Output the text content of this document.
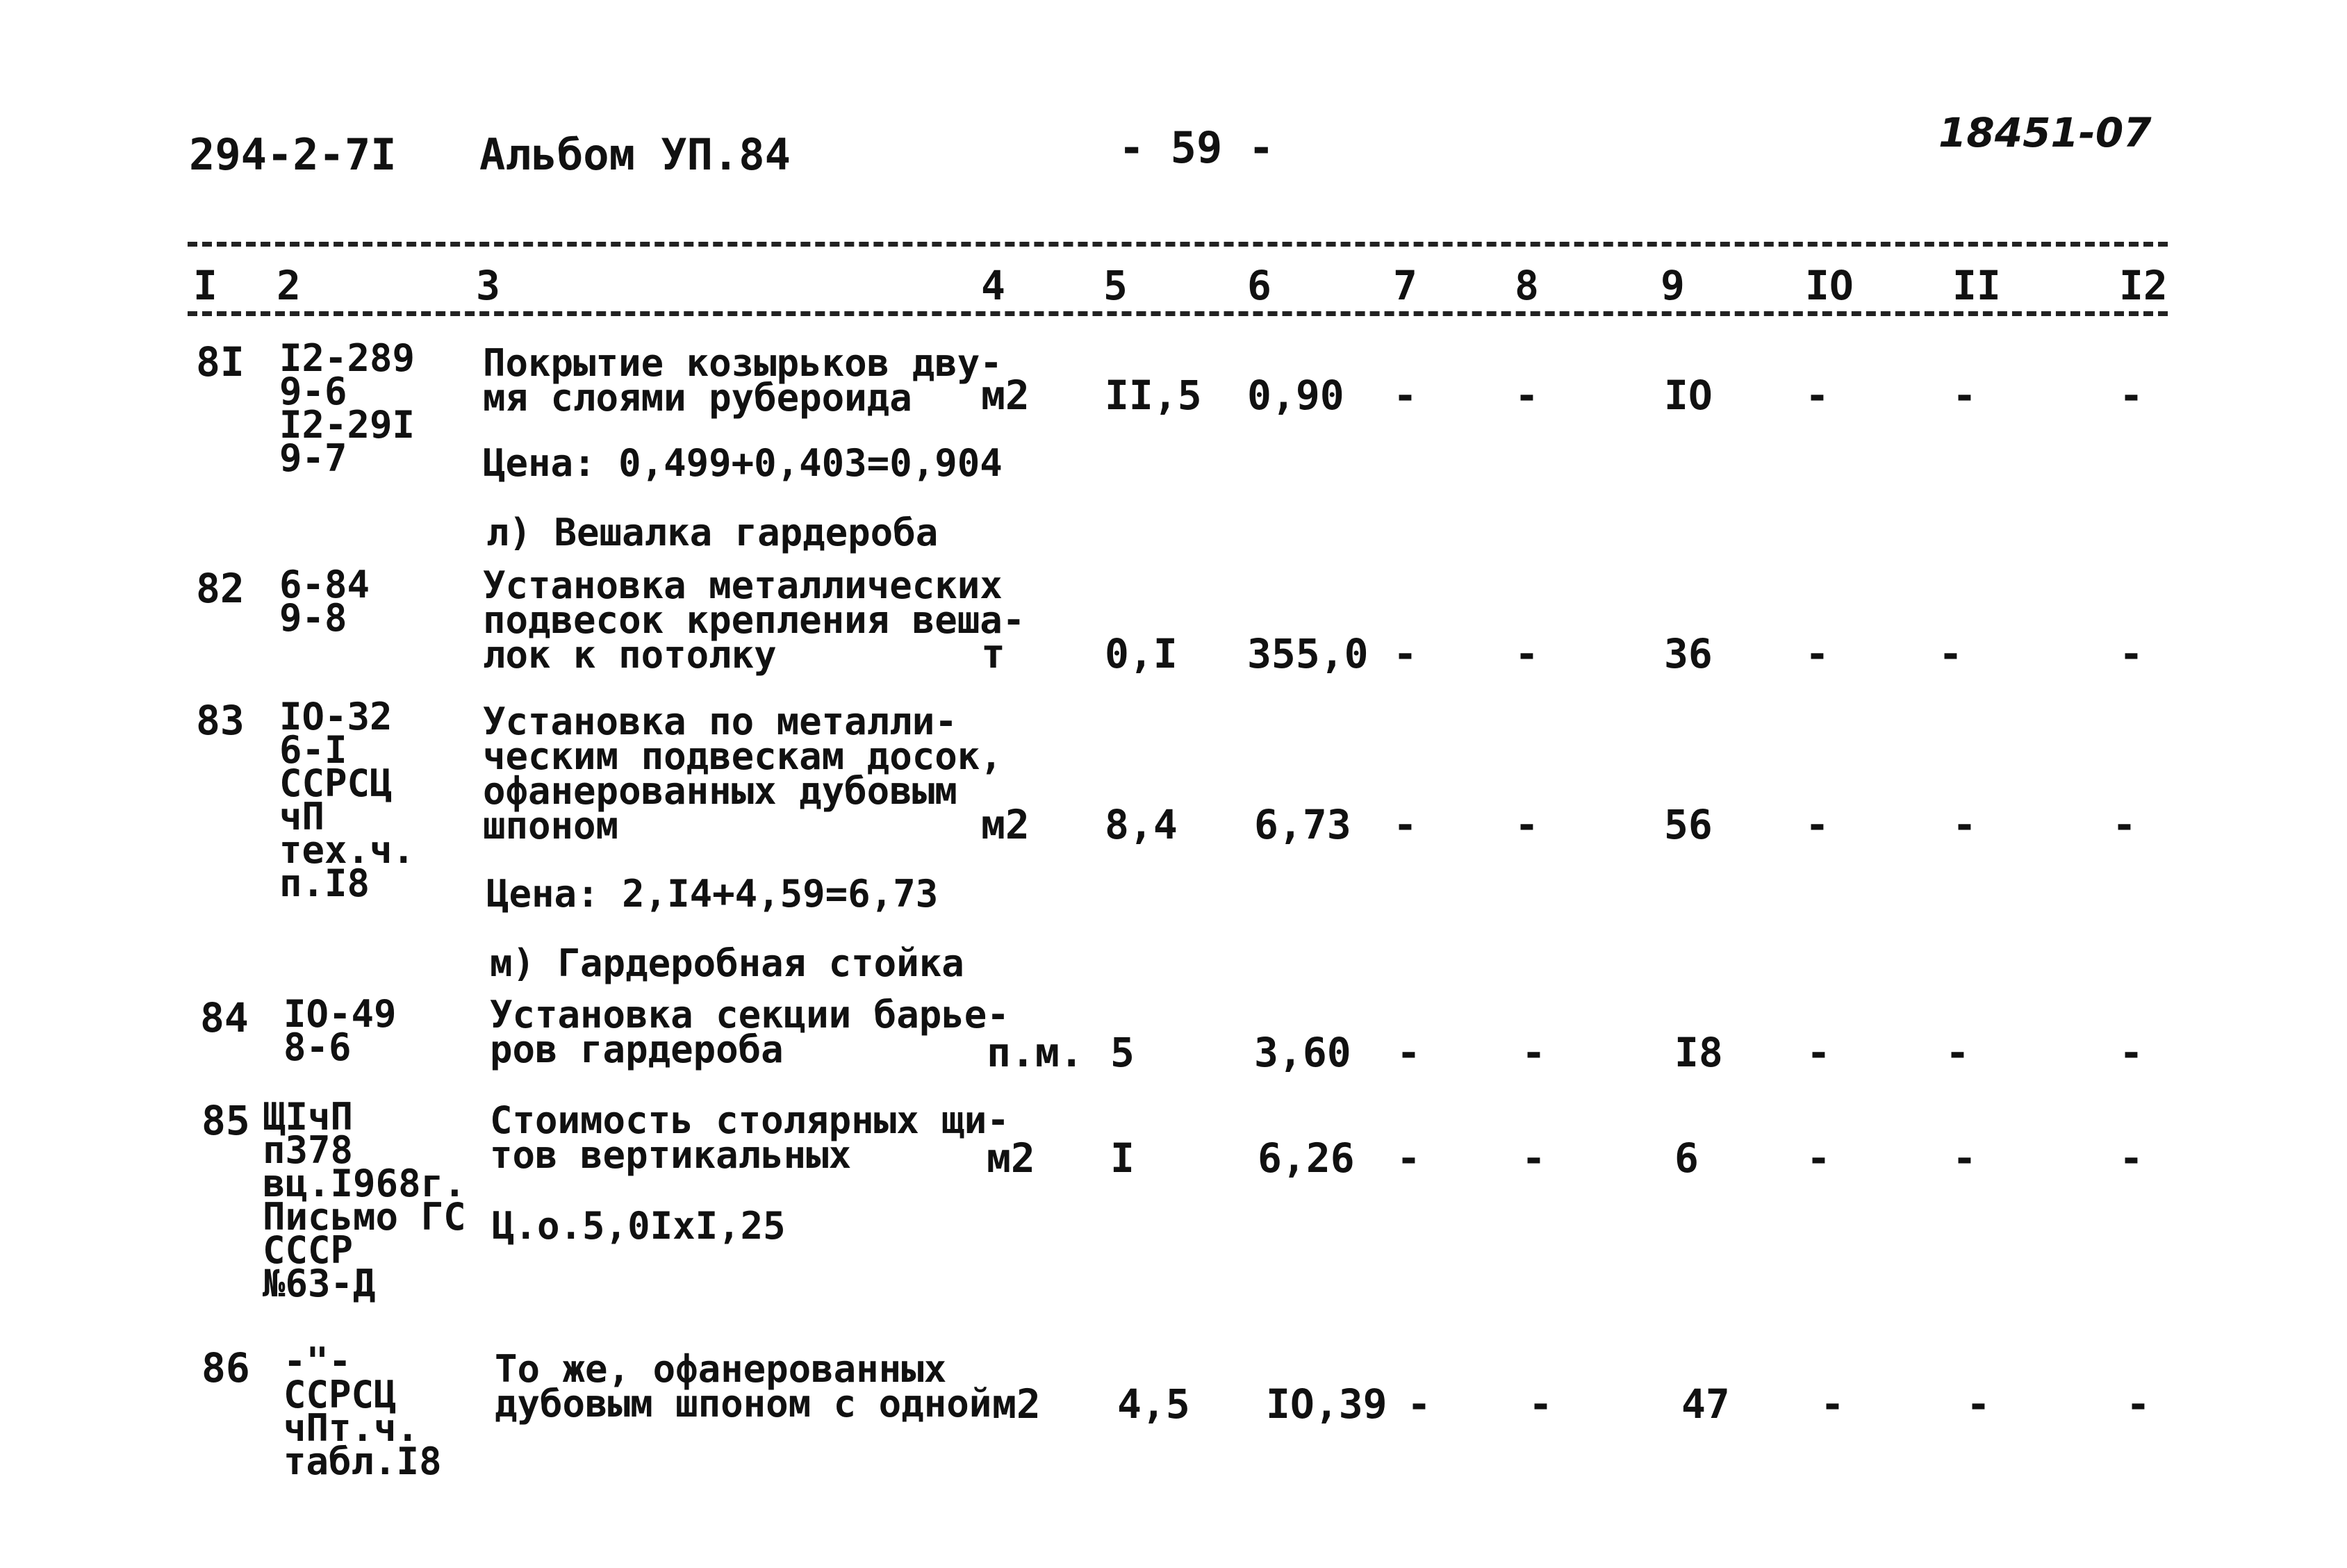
294-2-7I Альбом УП.84	- 59 -	18451-07
I 2	3	4 5	6	7 8	9	IO II	I2
8I I2-289
9-6
I2-29I
9-7
Покрытие козырьков дву-
мя слоями рубероида	м2 II,5 0,90 - -	IO -	-	-
Цена: 0,499+0,403=0,904
л) Вешалка гардероба
82 6-84
9-8
Установка металлических
подвесок крепления веша-
лок к потолку	т 0,I 355,0 - -	36 -	-	-
83 IO-32
6-I
ССРСЦ
чП
тех.ч.
п.I8
Установка по металли-
ческим подвескам досок,
офанерованных дубовым
шпоном	м2 8,4 6,73 - -	56 -	-	-
Цена: 2,I4+4,59=6,73
м) Гардеробная стойка
84 IO-49
8-6
Установка секции барье-
ров гардероба	п.м. 5	3,60 -	-	I8 -	-	-
85 ЩIчП
п378
вц.I968г.
Письмо ГС
СССР
№63-Д
Стоимость столярных щи-
тов вертикальных	м2 I	6,26 -	-	6	-	-	-
Ц.о.5,0IxI,25
86 -"-
ССРСЦ
чПт.ч.
табл.I8
То же, офанерованных
дубовым шпоном с одной м2 4,5 IO,39 - -	47 -	-	-
